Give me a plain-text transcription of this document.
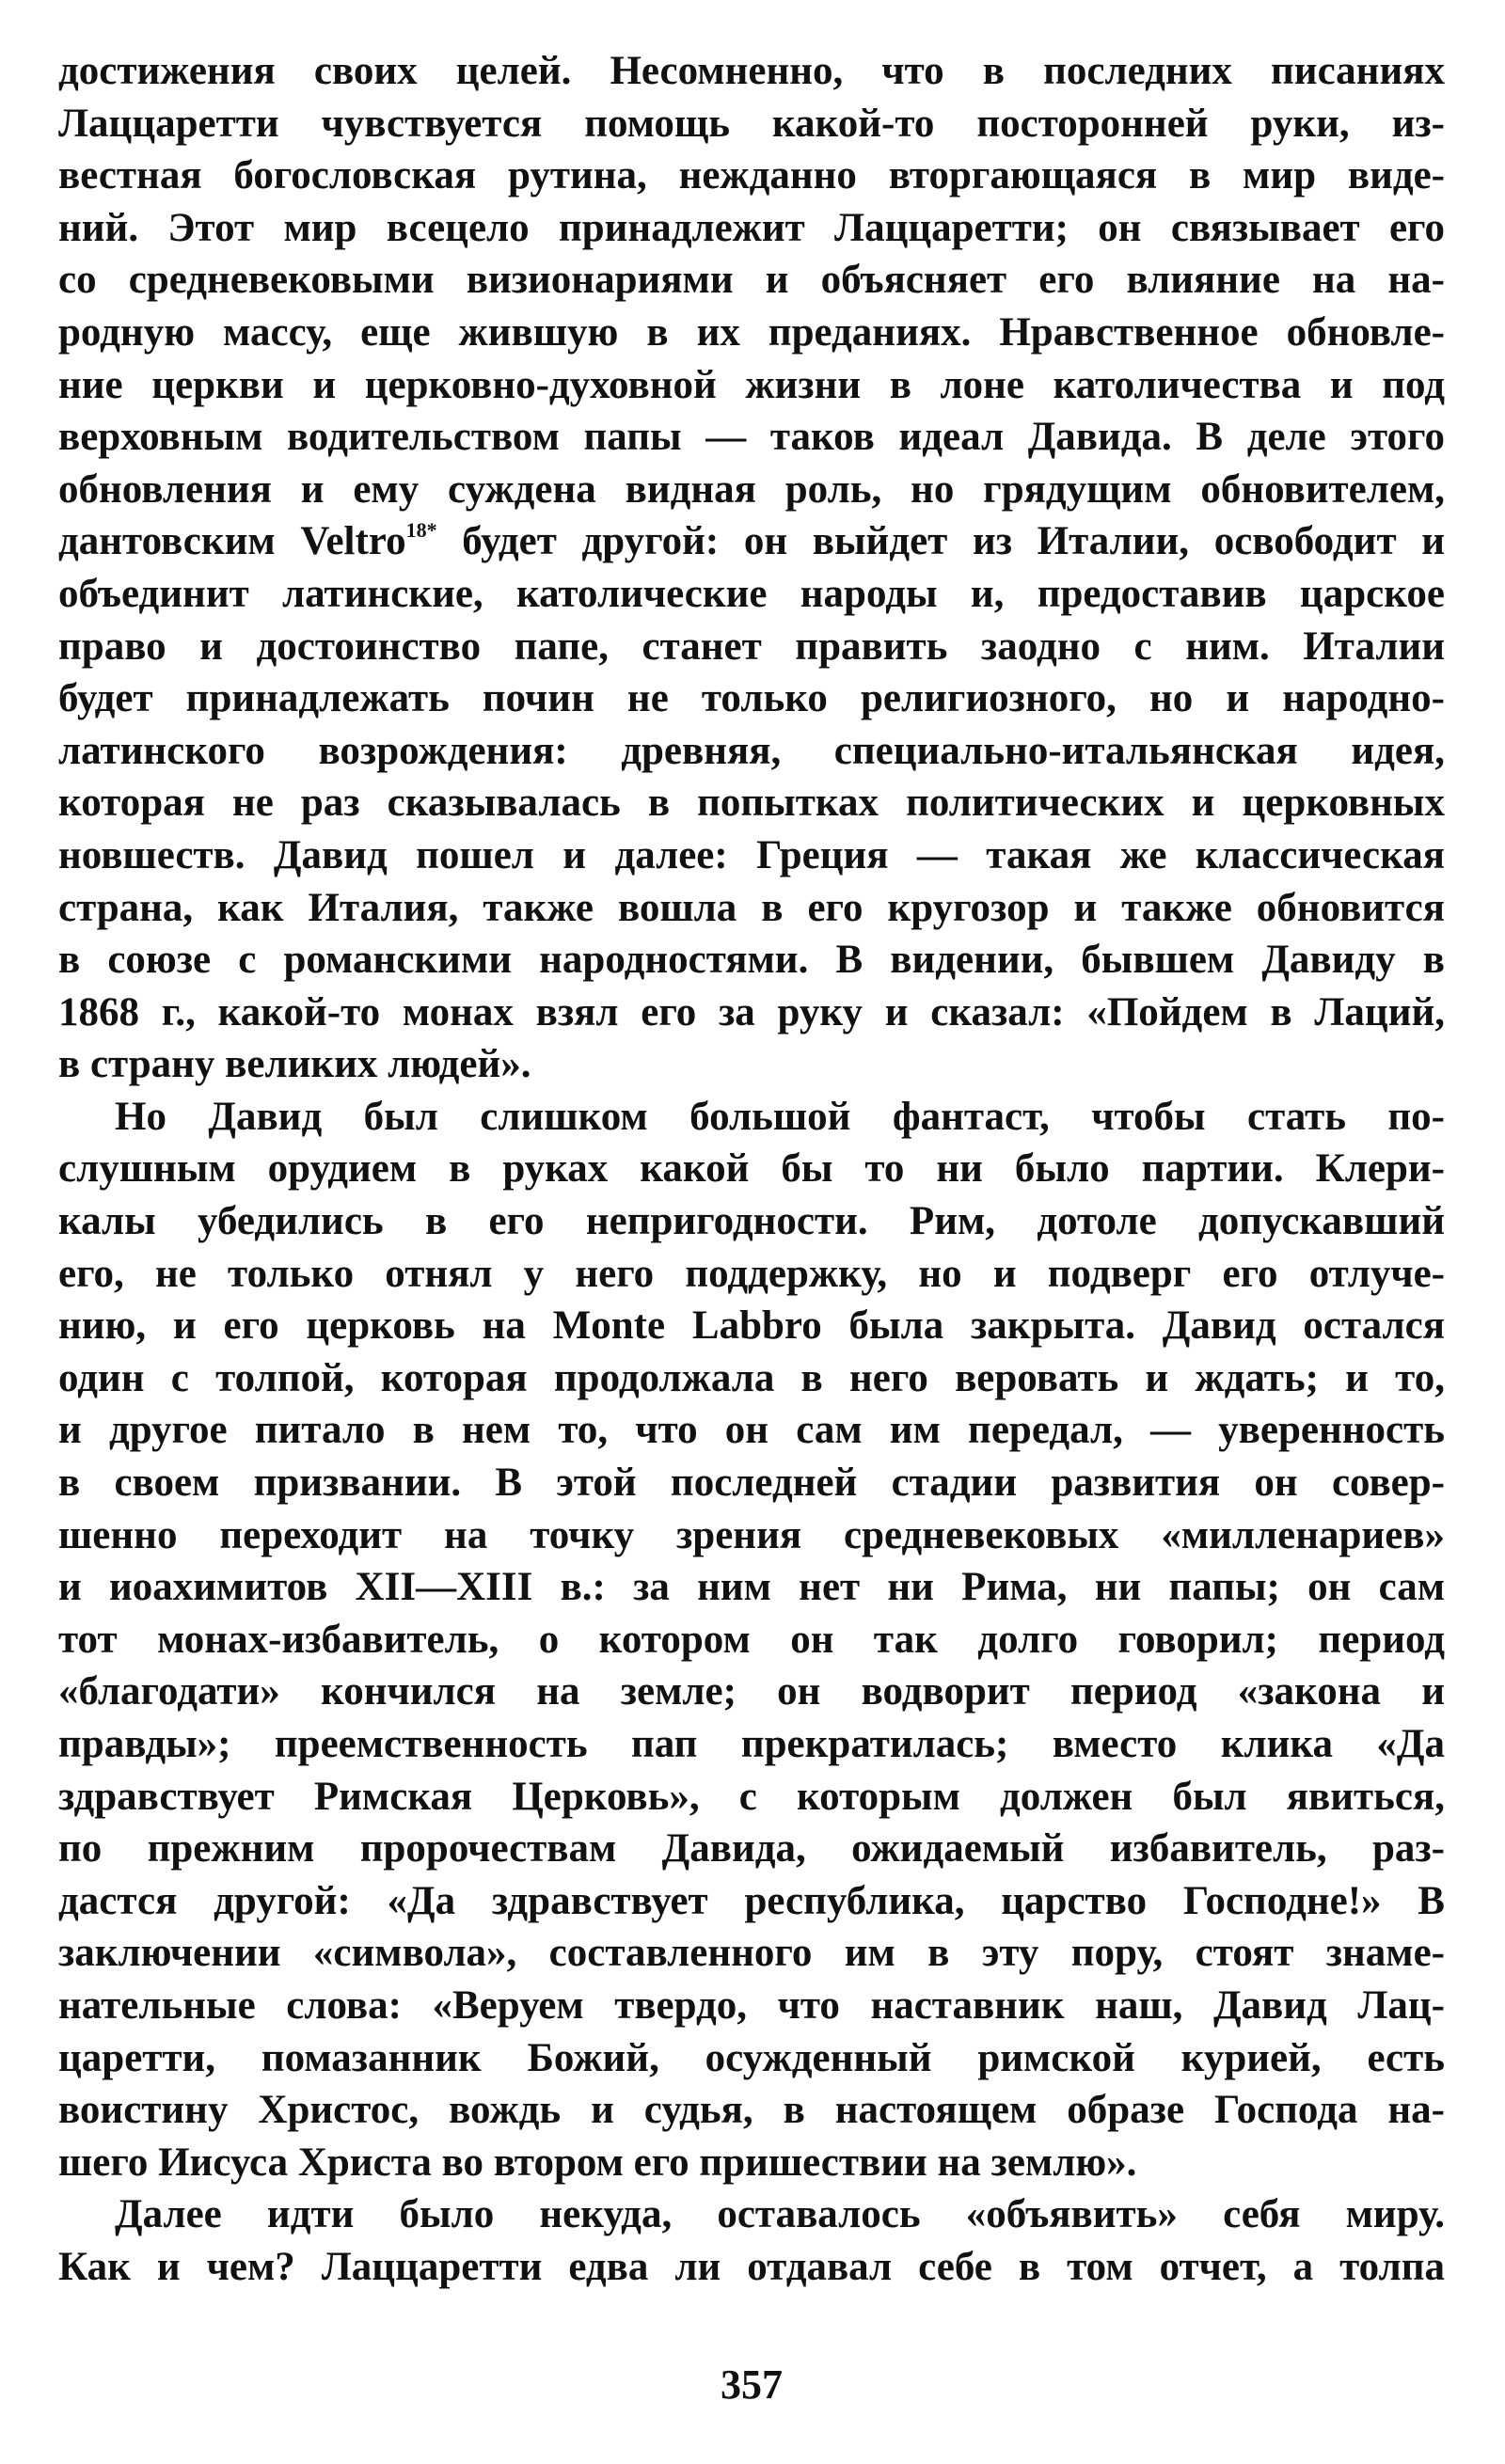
достижения своих целей. Несомненно, что в последних писаниях
Лаццаретти чувствуется помощь какой-то посторонней руки, из-
вестная богословская рутина, нежданно вторгающаяся в мир виде-
ний. Этот мир всецело принадлежит Лаццаретти; он связывает его
со средневековыми визионариями и объясняет его влияние на на-
родную массу, еще жившую в их преданиях. Нравственное обновле-
ние церкви и церковно-духовной жизни в лоне католичества и под
верховным водительством папы — таков идеал Давида. В деле этого
обновления и ему суждена видная роль, но грядущим обновителем,
дантовским Veltro$^{18*}$ будет другой: он выйдет из Италии, освободит и
объединит латинские, католические народы и, предоставив царское
право и достоинство папе, станет править заодно с ним. Италии
будет принадлежать почин не только религиозного, но и народно-
латинского возрождения: древняя, специально-итальянская идея,
которая не раз сказывалась в попытках политических и церковных
новшеств. Давид пошел и далее: Греция — такая же классическая
страна, как Италия, также вошла в его кругозор и также обновится
в союзе с романскими народностями. В видении, бывшем Давиду в
1868 г., какой-то монах взял его за руку и сказал: «Пойдем в Лаций,
в страну великих людей».
Но Давид был слишком большой фантаст, чтобы стать по-
слушным орудием в руках какой бы то ни было партии. Клери-
калы убедились в его непригодности. Рим, дотоле допускавший
его, не только отнял у него поддержку, но и подверг его отлуче-
нию, и его церковь на Monte Labbro была закрыта. Давид остался
один с толпой, которая продолжала в него веровать и ждать; и то,
и другое питало в нем то, что он сам им передал, — уверенность
в своем призвании. В этой последней стадии развития он совер-
шенно переходит на точку зрения средневековых «милленариев»
и иоахимитов XII—XIII в.: за ним нет ни Рима, ни папы; он сам
тот монах-избавитель, о котором он так долго говорил; период
«благодати» кончился на земле; он водворит период «закона и
правды»; преемственность пап прекратилась; вместо клика «Да
здравствует Римская Церковь», с которым должен был явиться,
по прежним пророчествам Давида, ожидаемый избавитель, раз-
дастся другой: «Да здравствует республика, царство Господне!» В
заключении «символа», составленного им в эту пору, стоят знаме-
нательные слова: «Веруем твердо, что наставник наш, Давид Лац-
царетти, помазанник Божий, осужденный римской курией, есть
воистину Христос, вождь и судья, в настоящем образе Господа на-
шего Иисуса Христа во втором его пришествии на землю».
Далее идти было некуда, оставалось «объявить» себя миру.
Как и чем? Лаццаретти едва ли отдавал себе в том отчет, а толпа
357
